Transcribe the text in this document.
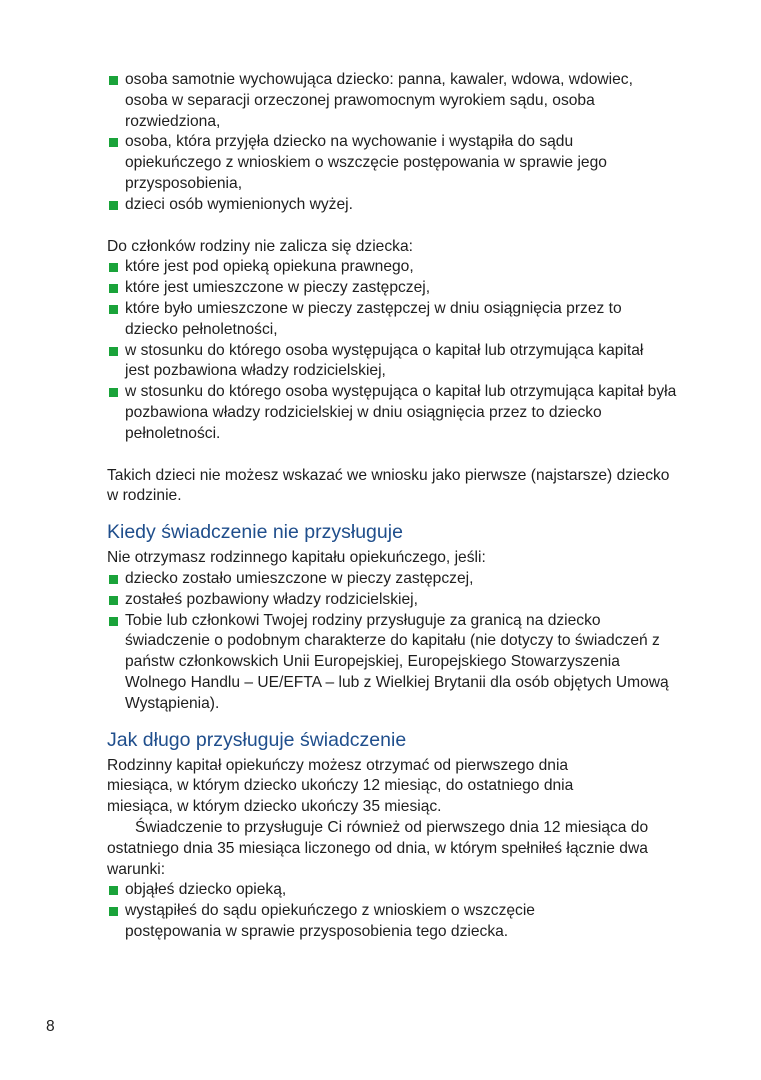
osoba samotnie wychowująca dziecko: panna, kawaler, wdowa, wdowiec, osoba w separacji orzeczonej prawomocnym wyrokiem sądu, osoba rozwiedziona,
osoba, która przyjęła dziecko na wychowanie i wystąpiła do sądu opiekuńczego z wnioskiem o wszczęcie postępowania w sprawie jego przysposobienia,
dzieci osób wymienionych wyżej.

Do członków rodziny nie zalicza się dziecka:

które jest pod opieką opiekuna prawnego,
które jest umieszczone w pieczy zastępczej,
które było umieszczone w pieczy zastępczej w dniu osiągnięcia przez to dziecko pełnoletności,
w stosunku do którego osoba występująca o kapitał lub otrzymująca kapitał jest pozbawiona władzy rodzicielskiej,
w stosunku do którego osoba występująca o kapitał lub otrzymująca kapitał była pozbawiona władzy rodzicielskiej w dniu osiągnięcia przez to dziecko pełnoletności.

Takich dzieci nie możesz wskazać we wniosku jako pierwsze (najstarsze) dziecko w rodzinie.

Kiedy świadczenie nie przysługuje

Nie otrzymasz rodzinnego kapitału opiekuńczego, jeśli:

dziecko zostało umieszczone w pieczy zastępczej,
zostałeś pozbawiony władzy rodzicielskiej,
Tobie lub członkowi Twojej rodziny przysługuje za granicą na dziecko świadczenie o podobnym charakterze do kapitału (nie dotyczy to świadczeń z państw członkowskich Unii Europejskiej, Europejskiego Stowarzyszenia Wolnego Handlu – UE/EFTA – lub z Wielkiej Brytanii dla osób objętych Umową Wystąpienia).
Jak długo przysługuje świadczenie

Rodzinny kapitał opiekuńczy możesz otrzymać od pierwszego dnia miesiąca, w którym dziecko ukończy 12 miesiąc, do ostatniego dnia miesiąca, w którym dziecko ukończy 35 miesiąc.

Świadczenie to przysługuje Ci również od pierwszego dnia 12 miesiąca do ostatniego dnia 35 miesiąca liczonego od dnia, w którym spełniłeś łącznie dwa warunki:

objąłeś dziecko opieką,
wystąpiłeś do sądu opiekuńczego z wnioskiem o wszczęcie postępowania w sprawie przysposobienia tego dziecka.
8
